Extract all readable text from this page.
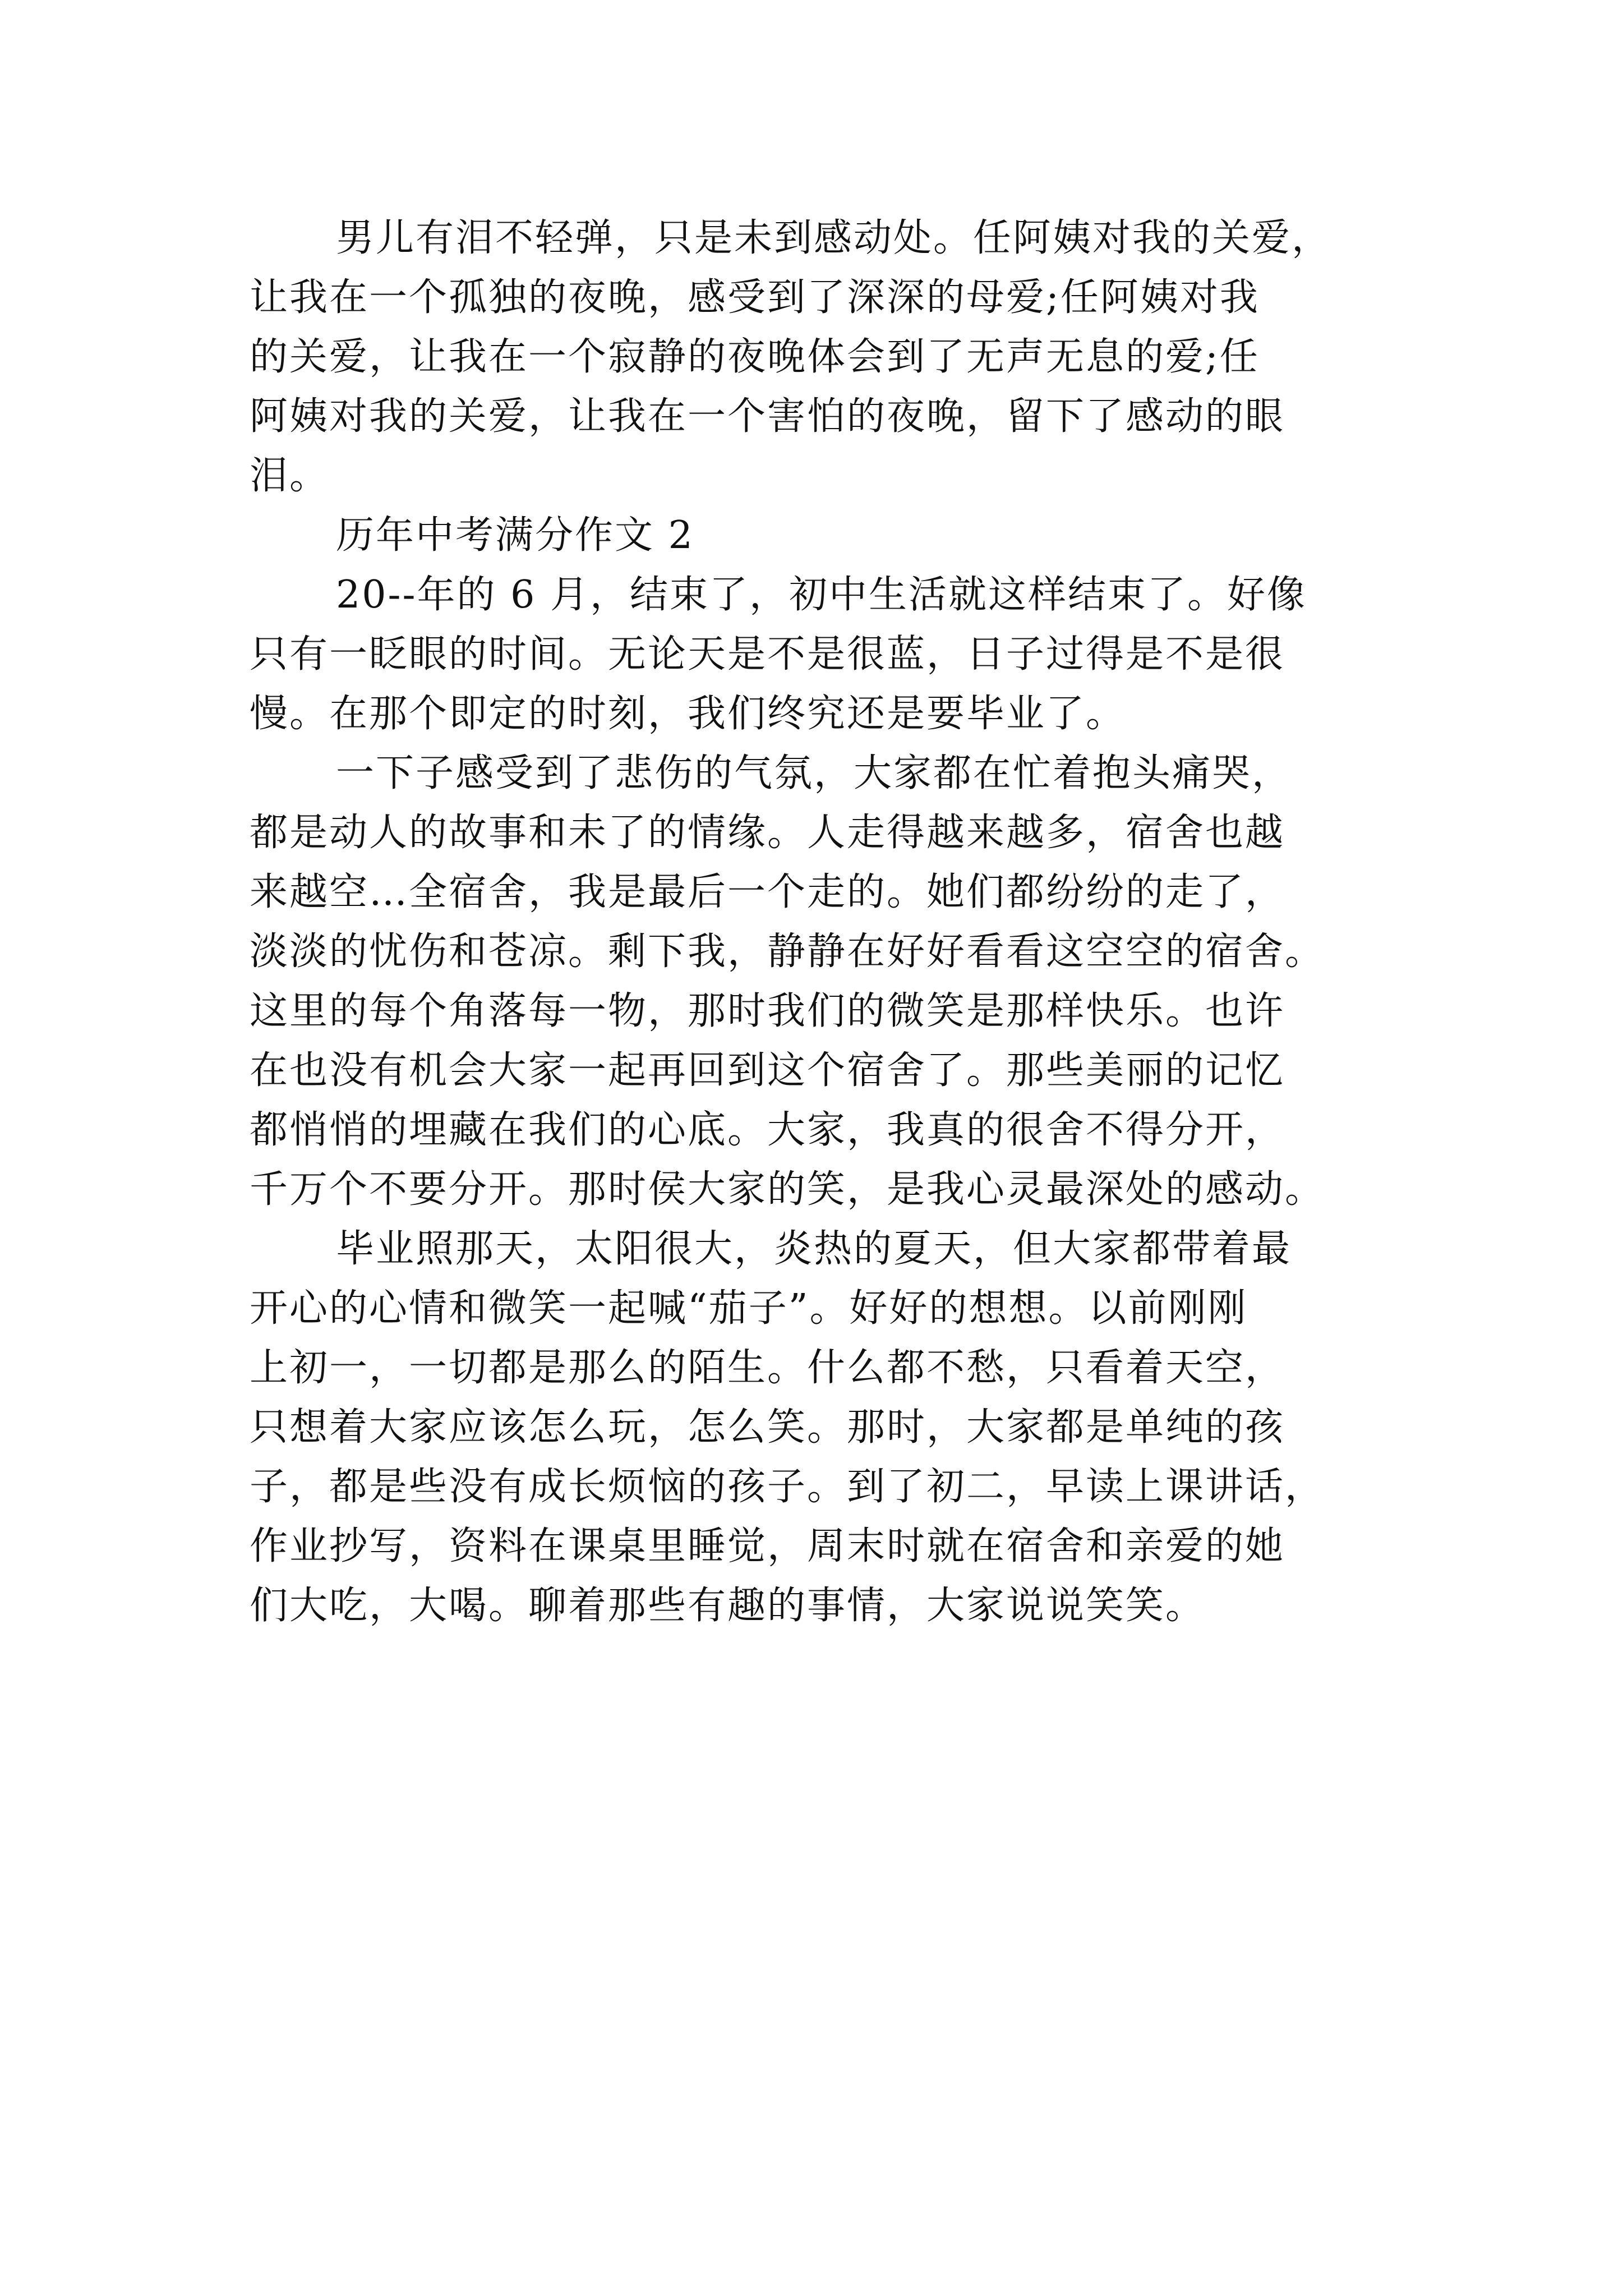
男儿有泪不轻弹，只是未到感动处。任阿姨对我的关爱，
让我在一个孤独的夜晚，感受到了深深的母爱;任阿姨对我
的关爱，让我在一个寂静的夜晚体会到了无声无息的爱;任
阿姨对我的关爱，让我在一个害怕的夜晚，留下了感动的眼
泪。
历年中考满分作文 2
20--年的 6 月，结束了，初中生活就这样结束了。好像
只有一眨眼的时间。无论天是不是很蓝，日子过得是不是很
慢。在那个即定的时刻，我们终究还是要毕业了。
一下子感受到了悲伤的气氛，大家都在忙着抱头痛哭，
都是动人的故事和未了的情缘。人走得越来越多，宿舍也越
来越空…全宿舍，我是最后一个走的。她们都纷纷的走了，
淡淡的忧伤和苍凉。剩下我，静静在好好看看这空空的宿舍。
这里的每个角落每一物，那时我们的微笑是那样快乐。也许
在也没有机会大家一起再回到这个宿舍了。那些美丽的记忆
都悄悄的埋藏在我们的心底。大家，我真的很舍不得分开，
千万个不要分开。那时侯大家的笑，是我心灵最深处的感动。
毕业照那天，太阳很大，炎热的夏天，但大家都带着最
开心的心情和微笑一起喊“茄子”。好好的想想。以前刚刚
上初一，一切都是那么的陌生。什么都不愁，只看着天空，
只想着大家应该怎么玩，怎么笑。那时，大家都是单纯的孩
子，都是些没有成长烦恼的孩子。到了初二，早读上课讲话，
作业抄写，资料在课桌里睡觉，周末时就在宿舍和亲爱的她
们大吃，大喝。聊着那些有趣的事情，大家说说笑笑。
